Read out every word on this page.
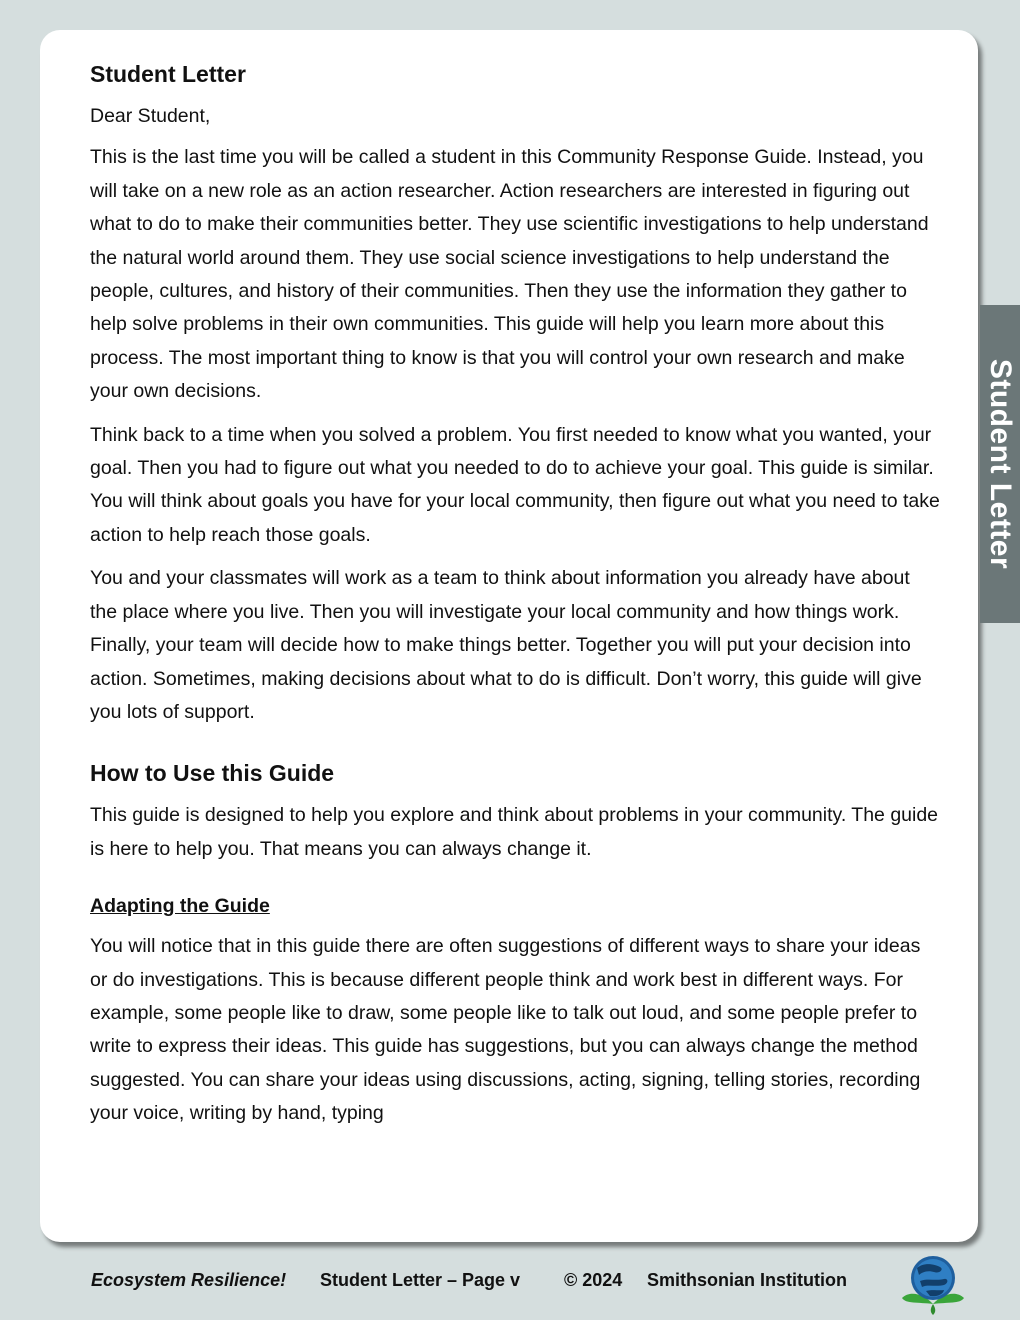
Student Letter

Dear Student,

This is the last time you will be called a student in this Community Response Guide. Instead, you will take on a new role as an action researcher. Action researchers are interested in figuring out what to do to make their communities better. They use scientific investigations to help understand the natural world around them. They use social science investigations to help understand the people, cultures, and history of their communities. Then they use the information they gather to help solve problems in their own communities. This guide will help you learn more about this process. The most important thing to know is that you will control your own research and make your own decisions.

Think back to a time when you solved a problem. You first needed to know what you wanted, your goal. Then you had to figure out what you needed to do to achieve your goal. This guide is similar. You will think about goals you have for your local community, then figure out what you need to take action to help reach those goals.

You and your classmates will work as a team to think about information you already have about the place where you live. Then you will investigate your local community and how things work. Finally, your team will decide how to make things better. Together you will put your decision into action. Sometimes, making decisions about what to do is difficult. Don’t worry, this guide will give you lots of support.

How to Use this Guide

This guide is designed to help you explore and think about problems in your community. The guide is here to help you. That means you can always change it.

Adapting the Guide

You will notice that in this guide there are often suggestions of different ways to share your ideas or do investigations. This is because different people think and work best in different ways. For example, some people like to draw, some people like to talk out loud, and some people prefer to write to express their ideas. This guide has suggestions, but you can always change the method suggested. You can share your ideas using discussions, acting, signing, telling stories, recording your voice, writing by hand, typing

Student Letter
Ecosystem Resilience! Student Letter – Page v © 2024 Smithsonian Institution
